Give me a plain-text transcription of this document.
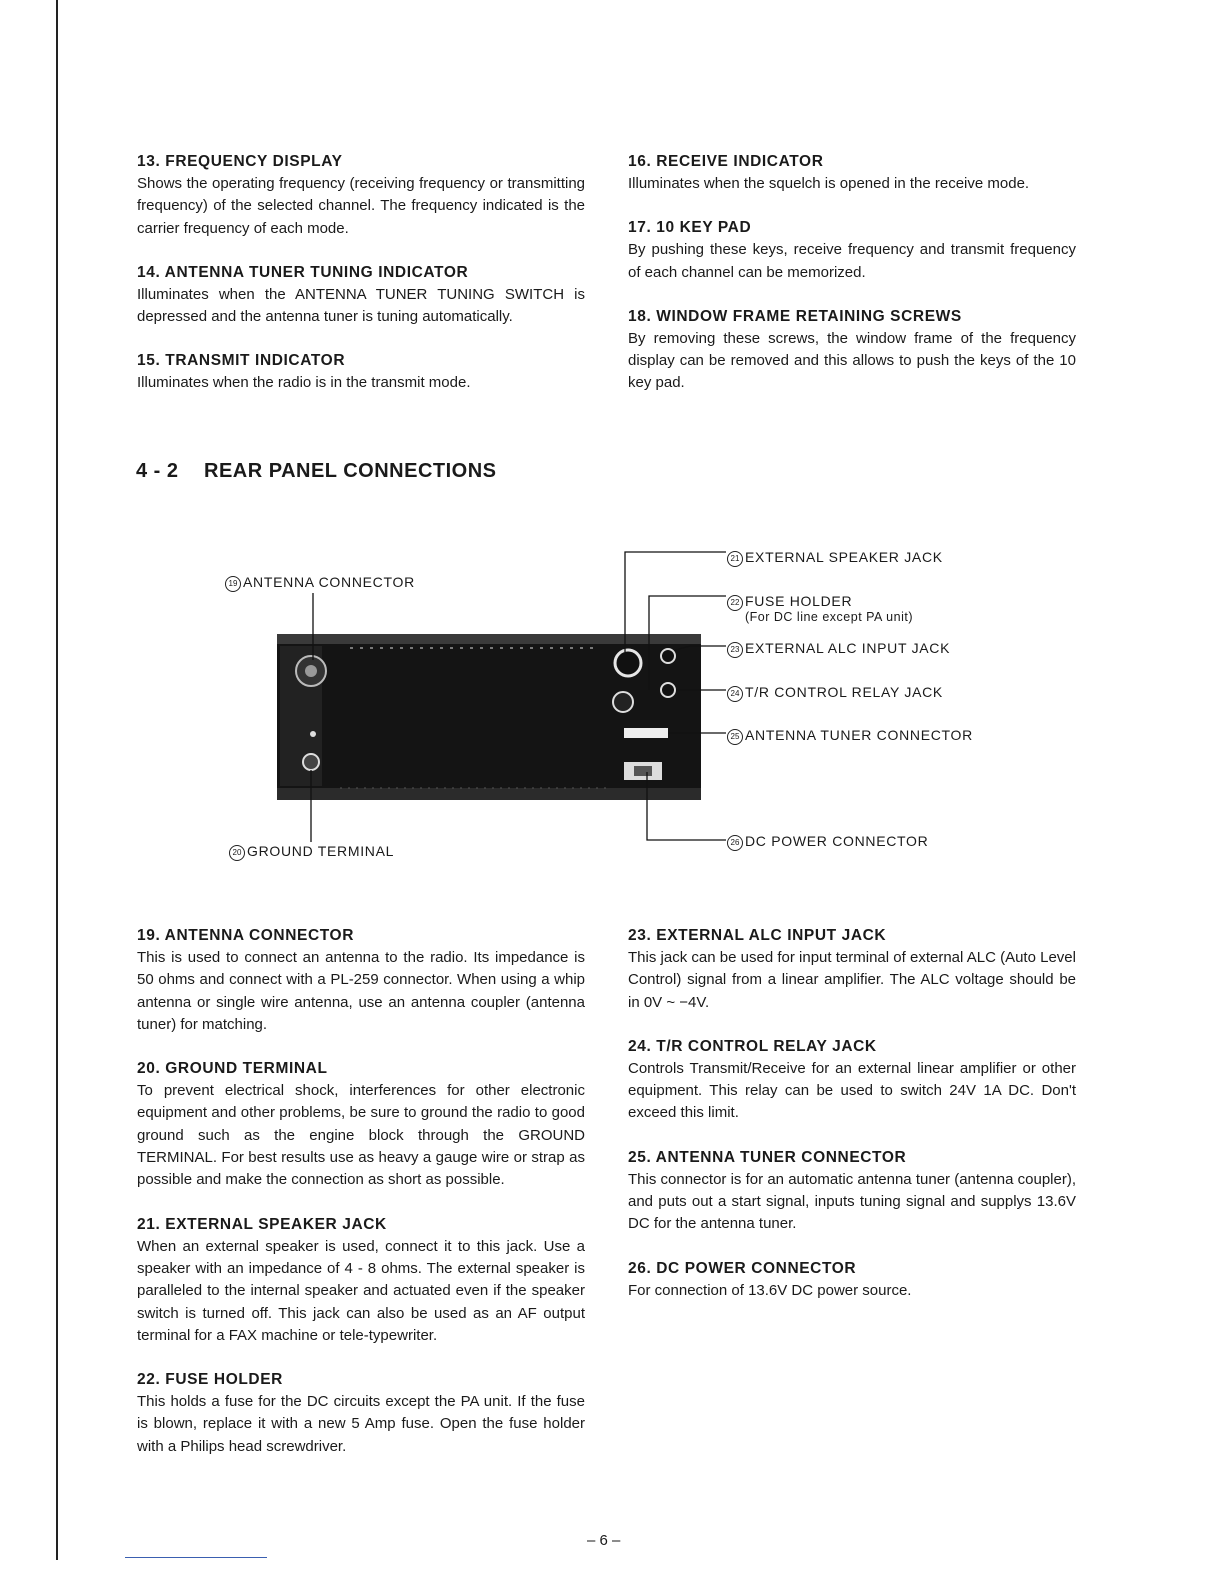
13. FREQUENCY DISPLAY

Shows the operating frequency (receiving frequency or transmitting frequency) of the selected channel. The frequency indicated is the carrier frequency of each mode.

14. ANTENNA TUNER TUNING INDICATOR

Illuminates when the ANTENNA TUNER TUNING SWITCH is depressed and the antenna tuner is tuning automatically.

15. TRANSMIT INDICATOR

Illuminates when the radio is in the transmit mode.

16. RECEIVE INDICATOR

Illuminates when the squelch is opened in the receive mode.

17. 10 KEY PAD

By pushing these keys, receive frequency and transmit frequency of each channel can be memorized.

18. WINDOW FRAME RETAINING SCREWS

By removing these screws, the window frame of the frequency display can be removed and this allows to push the keys of the 10 key pad.

4 - 2 REAR PANEL CONNECTIONS
19 ANTENNA CONNECTOR
20 GROUND TERMINAL
21 EXTERNAL SPEAKER JACK
22 FUSE HOLDER
(For DC line except PA unit)
23 EXTERNAL ALC INPUT JACK
24 T/R CONTROL RELAY JACK
25 ANTENNA TUNER CONNECTOR
26 DC POWER CONNECTOR
19. ANTENNA CONNECTOR

This is used to connect an antenna to the radio. Its impedance is 50 ohms and connect with a PL-259 connector. When using a whip antenna or single wire antenna, use an antenna coupler (antenna tuner) for matching.

20. GROUND TERMINAL

To prevent electrical shock, interferences for other electronic equipment and other problems, be sure to ground the radio to good ground such as the engine block through the GROUND TERMINAL. For best results use as heavy a gauge wire or strap as possible and make the connection as short as possible.

21. EXTERNAL SPEAKER JACK

When an external speaker is used, connect it to this jack. Use a speaker with an impedance of 4 - 8 ohms. The external speaker is paralleled to the internal speaker and actuated even if the speaker switch is turned off. This jack can also be used as an AF output terminal for a FAX machine or tele-typewriter.

22. FUSE HOLDER

This holds a fuse for the DC circuits except the PA unit. If the fuse is blown, replace it with a new 5 Amp fuse. Open the fuse holder with a Philips head screwdriver.

23. EXTERNAL ALC INPUT JACK

This jack can be used for input terminal of external ALC (Auto Level Control) signal from a linear amplifier. The ALC voltage should be in 0V ~ −4V.

24. T/R CONTROL RELAY JACK

Controls Transmit/Receive for an external linear amplifier or other equipment. This relay can be used to switch 24V 1A DC. Don't exceed this limit.

25. ANTENNA TUNER CONNECTOR

This connector is for an automatic antenna tuner (antenna coupler), and puts out a start signal, inputs tuning signal and supplys 13.6V DC for the antenna tuner.

26. DC POWER CONNECTOR

For connection of 13.6V DC power source.

– 6 –
